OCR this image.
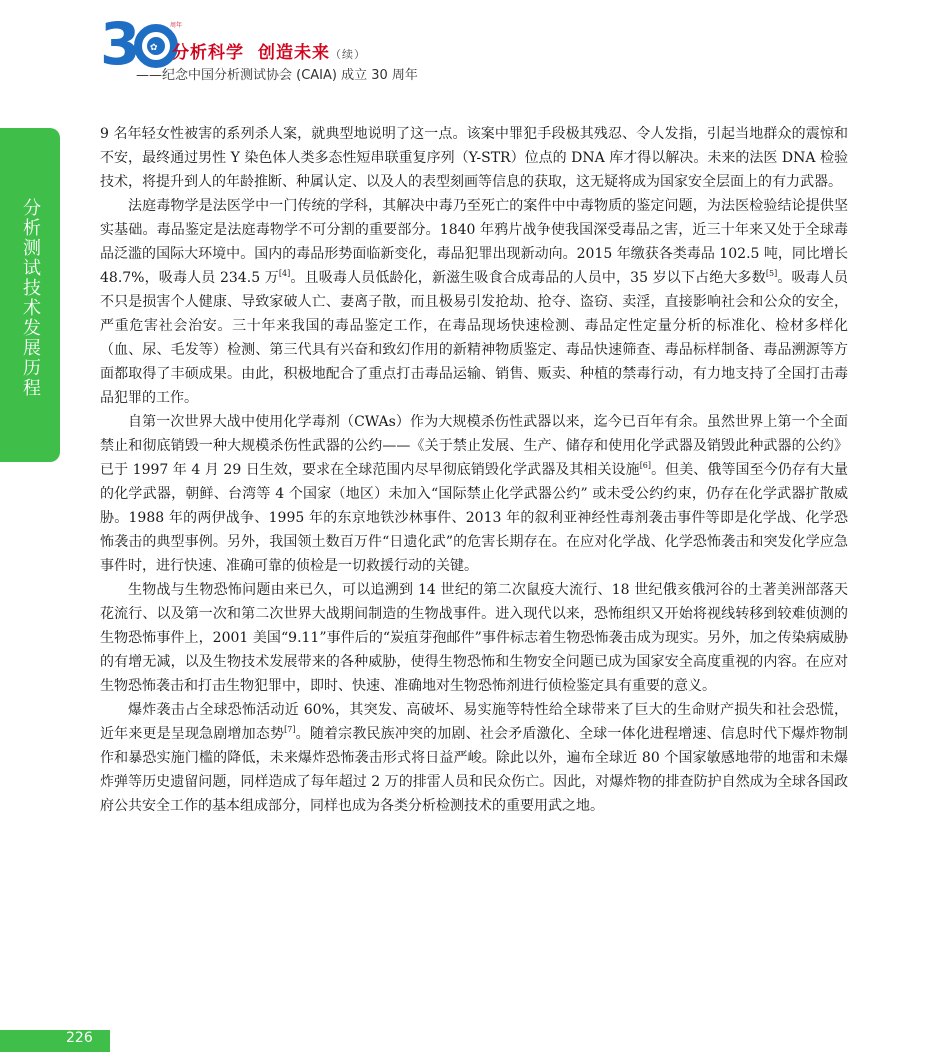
3 ✿
周年
分析科学 创造未来（续）
——纪念中国分析测试协会 (CAIA) 成立 30 周年
分析测试技术发展历程

9 名年轻女性被害的系列杀人案，就典型地说明了这一点。该案中罪犯手段极其残忍、令人发指，引起当地群众的震惊和不安，最终通过男性 Y 染色体人类多态性短串联重复序列（Y-STR）位点的 DNA 库才得以解决。未来的法医 DNA 检验技术，将提升到人的年龄推断、种属认定、以及人的表型刻画等信息的获取，这无疑将成为国家安全层面上的有力武器。

法庭毒物学是法医学中一门传统的学科，其解决中毒乃至死亡的案件中中毒物质的鉴定问题，为法医检验结论提供坚实基础。毒品鉴定是法庭毒物学不可分割的重要部分。1840 年鸦片战争使我国深受毒品之害，近三十年来又处于全球毒品泛滥的国际大环境中。国内的毒品形势面临新变化，毒品犯罪出现新动向。2015 年缴获各类毒品 102.5 吨，同比增长 48.7%，吸毒人员 234.5 万[4]。且吸毒人员低龄化，新滋生吸食合成毒品的人员中，35 岁以下占绝大多数[5]。吸毒人员不只是损害个人健康、导致家破人亡、妻离子散，而且极易引发抢劫、抢夺、盗窃、卖淫，直接影响社会和公众的安全，严重危害社会治安。三十年来我国的毒品鉴定工作，在毒品现场快速检测、毒品定性定量分析的标准化、检材多样化（血、尿、毛发等）检测、第三代具有兴奋和致幻作用的新精神物质鉴定、毒品快速筛查、毒品标样制备、毒品溯源等方面都取得了丰硕成果。由此，积极地配合了重点打击毒品运输、销售、贩卖、种植的禁毒行动，有力地支持了全国打击毒品犯罪的工作。

自第一次世界大战中使用化学毒剂（CWAs）作为大规模杀伤性武器以来，迄今已百年有余。虽然世界上第一个全面禁止和彻底销毁一种大规模杀伤性武器的公约——《关于禁止发展、生产、储存和使用化学武器及销毁此种武器的公约》已于 1997 年 4 月 29 日生效，要求在全球范围内尽早彻底销毁化学武器及其相关设施[6]。但美、俄等国至今仍存有大量的化学武器，朝鲜、台湾等 4 个国家（地区）未加入“国际禁止化学武器公约” 或未受公约约束，仍存在化学武器扩散威胁。1988 年的两伊战争、1995 年的东京地铁沙林事件、2013 年的叙利亚神经性毒剂袭击事件等即是化学战、化学恐怖袭击的典型事例。另外，我国领土数百万件“日遗化武”的危害长期存在。在应对化学战、化学恐怖袭击和突发化学应急事件时，进行快速、准确可靠的侦检是一切救援行动的关键。

生物战与生物恐怖问题由来已久，可以追溯到 14 世纪的第二次鼠疫大流行、18 世纪俄亥俄河谷的土著美洲部落天花流行、以及第一次和第二次世界大战期间制造的生物战事件。进入现代以来，恐怖组织又开始将视线转移到较难侦测的生物恐怖事件上，2001 美国“9.11”事件后的“炭疽芽孢邮件”事件标志着生物恐怖袭击成为现实。另外，加之传染病威胁的有增无减，以及生物技术发展带来的各种威胁，使得生物恐怖和生物安全问题已成为国家安全高度重视的内容。在应对生物恐怖袭击和打击生物犯罪中，即时、快速、准确地对生物恐怖剂进行侦检鉴定具有重要的意义。

爆炸袭击占全球恐怖活动近 60%，其突发、高破坏、易实施等特性给全球带来了巨大的生命财产损失和社会恐慌，近年来更是呈现急剧增加态势[7]。随着宗教民族冲突的加剧、社会矛盾激化、全球一体化进程增速、信息时代下爆炸物制作和暴恐实施门槛的降低，未来爆炸恐怖袭击形式将日益严峻。除此以外，遍布全球近 80 个国家敏感地带的地雷和未爆炸弹等历史遗留问题，同样造成了每年超过 2 万的排雷人员和民众伤亡。因此，对爆炸物的排查防护自然成为全球各国政府公共安全工作的基本组成部分，同样也成为各类分析检测技术的重要用武之地。

226
